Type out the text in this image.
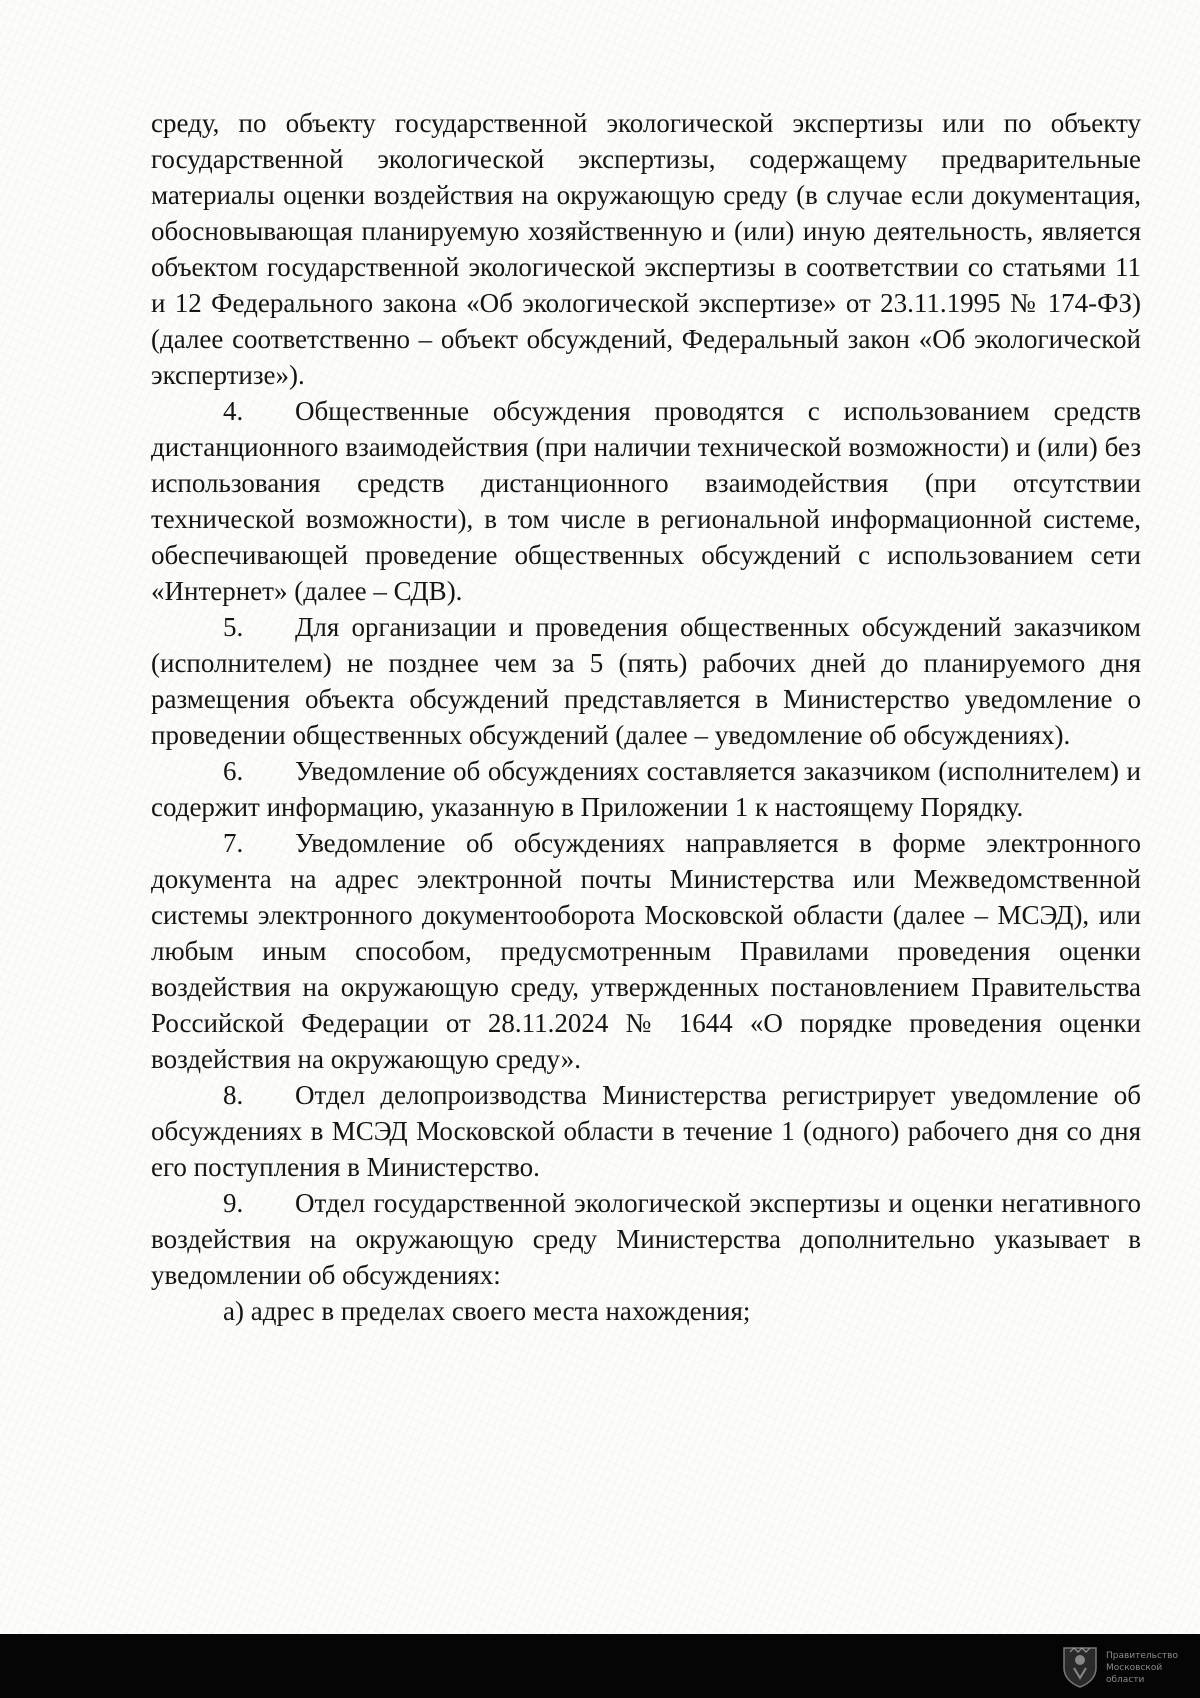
среду, по объекту государственной экологической экспертизы или по объекту государственной экологической экспертизы, содержащему предварительные материалы оценки воздействия на окружающую среду (в случае если документация, обосновывающая планируемую хозяйственную и (или) иную деятельность, является объектом государственной экологической экспертизы в соответствии со статьями 11 и 12 Федерального закона «Об экологической экспертизе» от 23.11.1995 № 174-ФЗ) (далее соответственно – объект обсуждений, Федеральный закон «Об экологической экспертизе»).

4. Общественные обсуждения проводятся с использованием средств дистанционного взаимодействия (при наличии технической возможности) и (или) без использования средств дистанционного взаимодействия (при отсутствии технической возможности), в том числе в региональной информационной системе, обеспечивающей проведение общественных обсуждений с использованием сети «Интернет» (далее – СДВ).

5. Для организации и проведения общественных обсуждений заказчиком (исполнителем) не позднее чем за 5 (пять) рабочих дней до планируемого дня размещения объекта обсуждений представляется в Министерство уведомление о проведении общественных обсуждений (далее – уведомление об обсуждениях).

6. Уведомление об обсуждениях составляется заказчиком (исполнителем) и содержит информацию, указанную в Приложении 1 к настоящему Порядку.

7. Уведомление об обсуждениях направляется в форме электронного документа на адрес электронной почты Министерства или Межведомственной системы электронного документооборота Московской области (далее – МСЭД), или любым иным способом, предусмотренным Правилами проведения оценки воздействия на окружающую среду, утвержденных постановлением Правительства Российской Федерации от 28.11.2024 № 1644 «О порядке проведения оценки воздействия на окружающую среду».

8. Отдел делопроизводства Министерства регистрирует уведомление об обсуждениях в МСЭД Московской области в течение 1 (одного) рабочего дня со дня его поступления в Министерство.

9. Отдел государственной экологической экспертизы и оценки негативного воздействия на окружающую среду Министерства дополнительно указывает в уведомлении об обсуждениях:

а) адрес в пределах своего места нахождения;

Правительство
Московской области
